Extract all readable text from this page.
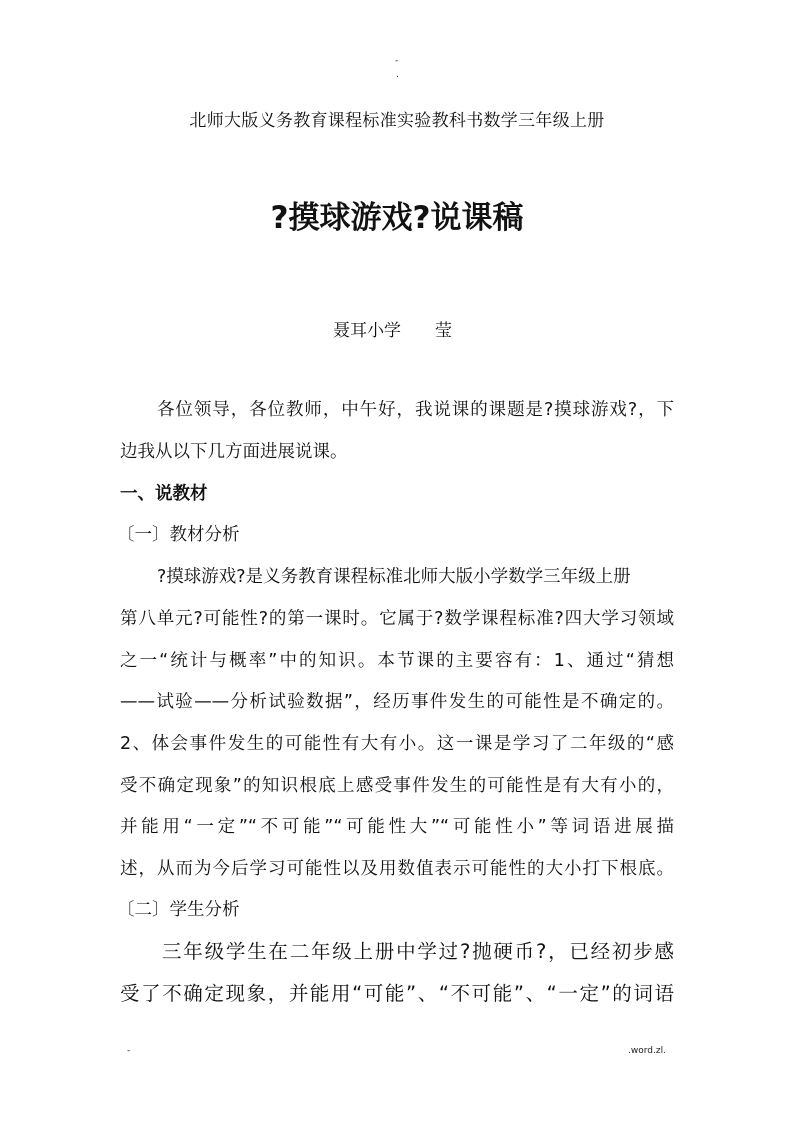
-
.
北师大版义务教育课程标准实验教科书数学三年级上册
?摸球游戏?说课稿
聂耳小学 莹
各位领导，各位教师，中午好，我说课的课题是?摸球游戏?，下
边我从以下几方面进展说课。
一、说教材
〔一〕教材分析
?摸球游戏?是义务教育课程标准北师大版小学数学三年级上册
第八单元?可能性?的第一课时。它属于?数学课程标准?四大学习领域
之一“统计与概率”中的知识。本节课的主要容有：1、通过“猜想
——试验——分析试验数据”，经历事件发生的可能性是不确定的。
2、体会事件发生的可能性有大有小。这一课是学习了二年级的“感
受不确定现象”的知识根底上感受事件发生的可能性是有大有小的，
并能用“一定”“不可能”“可能性大”“可能性小”等词语进展描
述，从而为今后学习可能性以及用数值表示可能性的大小打下根底。
〔二〕学生分析
三年级学生在二年级上册中学过?抛硬币?，已经初步感
受了不确定现象，并能用“可能”、“不可能”、“一定”的词语
-	.word.zl.
